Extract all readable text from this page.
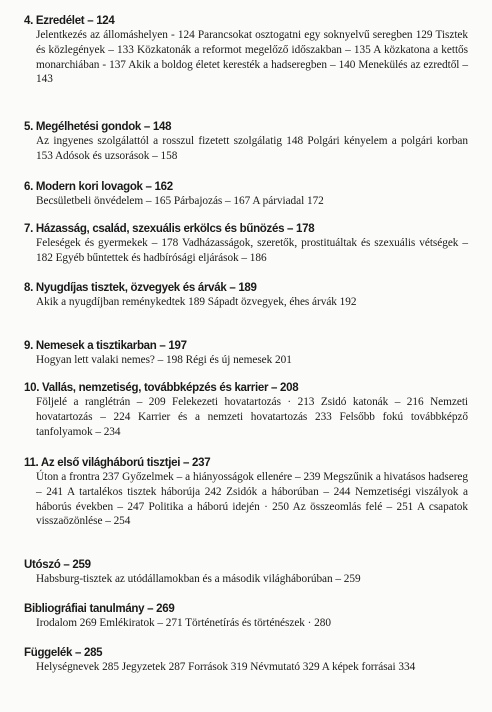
4. Ezredélet – 124
Jelentkezés az állomáshelyen - 124 Parancsokat osztogatni egy soknyelvű seregben 129 Tisztek és közlegények – 133 Közkatonák a reformot megelőző időszakban – 135 A közkatona a kettős monarchiában - 137 Akik a boldog életet keresték a hadseregben – 140 Menekülés az ezredtől – 143
5. Megélhetési gondok – 148
Az ingyenes szolgálattól a rosszul fizetett szolgálatig 148 Polgári kényelem a polgári korban 153 Adósok és uzsorások – 158
6. Modern kori lovagok – 162
Becsületbeli önvédelem – 165 Párbajozás – 167 A párviadal 172
7. Házasság, család, szexuális erkölcs és bűnözés – 178
Feleségek és gyermekek – 178 Vadházasságok, szeretők, prostituáltak és szexuális vétségek – 182 Egyéb bűntettek és hadbírósági eljárások – 186
8. Nyugdíjas tisztek, özvegyek és árvák – 189
Akik a nyugdíjban reménykedtek 189 Sápadt özvegyek, éhes árvák 192
9. Nemesek a tisztikarban – 197
Hogyan lett valaki nemes? – 198 Régi és új nemesek 201
10. Vallás, nemzetiség, továbbképzés és karrier – 208
Följelé a ranglétrán – 209 Felekezeti hovatartozás · 213 Zsidó katonák – 216 Nemzeti hovatartozás – 224 Karrier és a nemzeti hovatartozás 233 Felsőbb fokú továbbképző tanfolyamok – 234
11. Az első világháború tisztjei – 237
Úton a frontra 237 Győzelmek – a hiányosságok ellenére – 239 Megszűnik a hivatásos hadsereg – 241 A tartalékos tisztek háborúja 242 Zsidók a háborúban – 244 Nemzetiségi viszályok a háborús években – 247 Politika a háború idején · 250 Az összeomlás felé – 251 A csapatok visszaözönlése – 254
Utószó – 259
Habsburg-tisztek az utódállamokban és a második világháborúban – 259
Bibliográfiai tanulmány – 269
Irodalom 269 Emlékiratok – 271 Történetírás és történészek · 280
Függelék – 285
Helységnevek 285 Jegyzetek 287 Források 319 Névmutató 329 A képek forrásai 334
